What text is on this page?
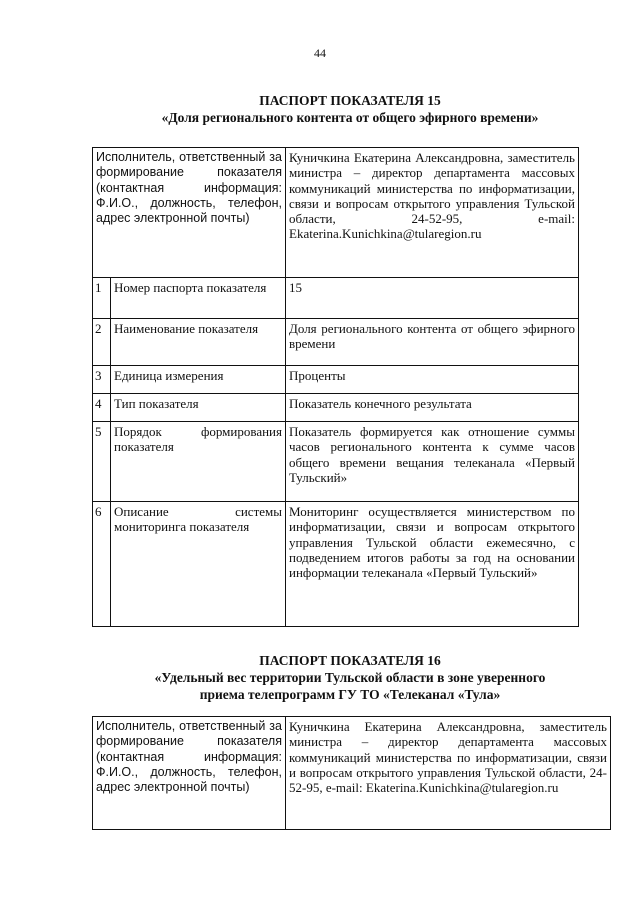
44
ПАСПОРТ ПОКАЗАТЕЛЯ 15
«Доля регионального контента от общего эфирного времени»
Исполнитель, ответственный за формирование показателя (контактная информация: Ф.И.О., должность, телефон, адрес электронной почты)		Куничкина Екатерина Александровна, заместитель министра – директор департамента массовых коммуникаций министерства по информатизации, связи и вопросам открытого управления Тульской области, 24-52-95, e-mail: Ekaterina.Kunichkina@tularegion.ru
1	Номер паспорта показателя	15
2	Наименование показателя	Доля регионального контента от общего эфирного времени
3	Единица измерения	Проценты
4	Тип показателя	Показатель конечного результата
5	Порядок формирования показателя	Показатель формируется как отношение суммы часов регионального контента к сумме часов общего времени вещания телеканала «Первый Тульский»
6	Описание системы мониторинга показателя	Мониторинг осуществляется министерством по информатизации, связи и вопросам открытого управления Тульской области ежемесячно, с подведением итогов работы за год на основании информации телеканала «Первый Тульский»
ПАСПОРТ ПОКАЗАТЕЛЯ 16
«Удельный вес территории Тульской области в зоне уверенного
приема телепрограмм ГУ ТО «Телеканал «Тула»
Исполнитель, ответственный за формирование показателя (контактная информация: Ф.И.О., должность, телефон, адрес электронной почты)	Куничкина Екатерина Александровна, заместитель министра – директор департамента массовых коммуникаций министерства по информатизации, связи и вопросам открытого управления Тульской области, 24-52-95, e-mail: Ekaterina.Kunichkina@tularegion.ru
